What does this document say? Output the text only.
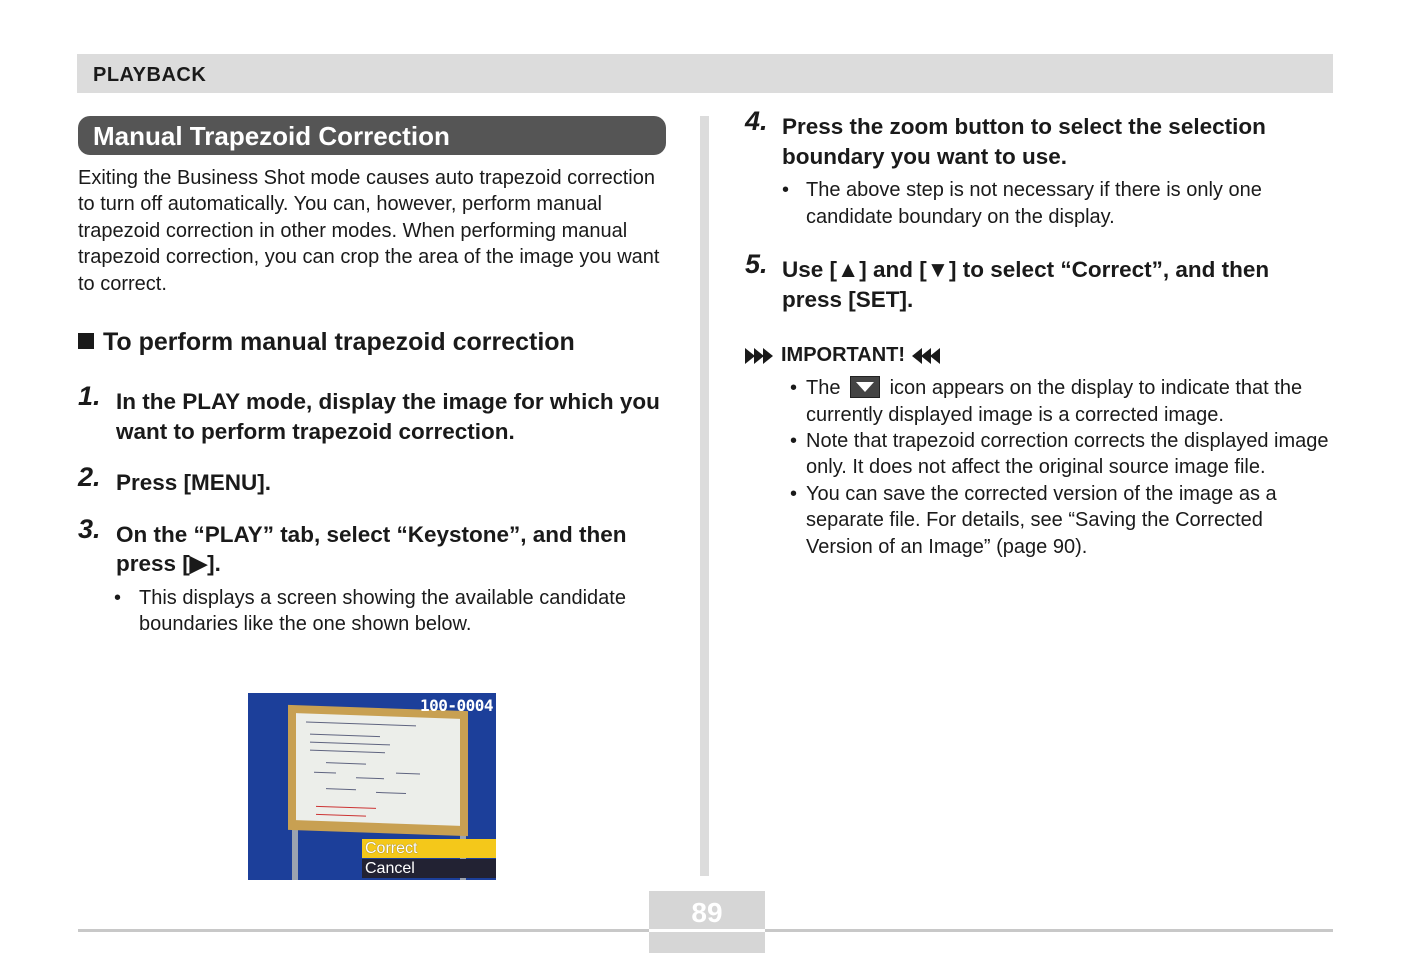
PLAYBACK
Manual Trapezoid Correction
Exiting the Business Shot mode causes auto trapezoid correction to turn off automatically. You can, however, perform manual trapezoid correction in other modes. When performing manual trapezoid correction, you can crop the area of the image you want to correct.
To perform manual trapezoid correction
1. In the PLAY mode, display the image for which you want to perform trapezoid correction.
2. Press [MENU].
3. On the “PLAY” tab, select “Keystone”, and then press [▶].
• This displays a screen showing the available candidate boundaries like the one shown below.
100-0004
Correct
Cancel
4. Press the zoom button to select the selection boundary you want to use.
• The above step is not necessary if there is only one candidate boundary on the display.
5. Use [▲] and [▼] to select “Correct”, and then press [SET].
IMPORTANT!
• The icon appears on the display to indicate that the currently displayed image is a corrected image.
• Note that trapezoid correction corrects the displayed image only. It does not affect the original source image file.
• You can save the corrected version of the image as a separate file. For details, see “Saving the Corrected Version of an Image” (page 90).
89
